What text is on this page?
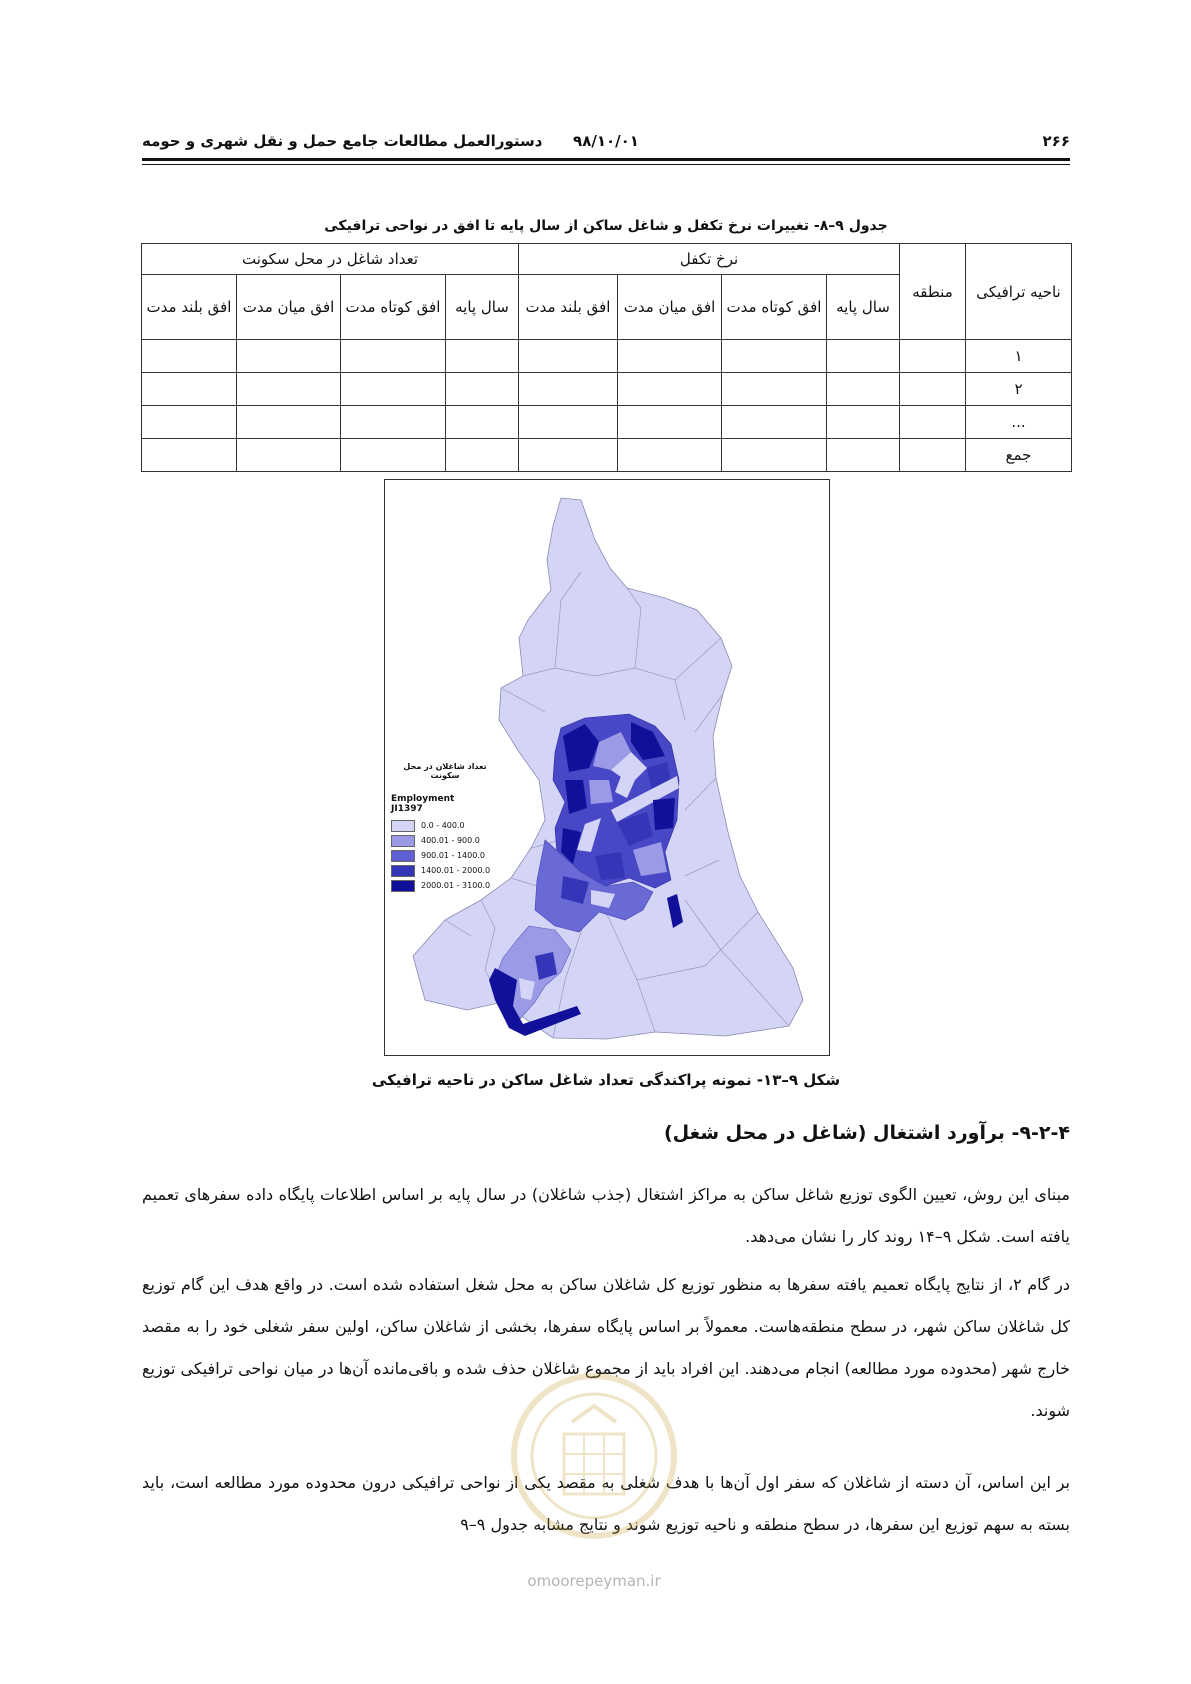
۲۶۶
۹۸/۱۰/۰۱
دستورالعمل مطالعات جامع حمل و نقل شهری و حومه
جدول ۹–۸- تغییرات نرخ تکفل و شاغل ساکن از سال پایه تا افق در نواحی ترافیکی
ناحیه ترافیکی	منطقه	نرخ تکفل				تعداد شاغل در محل سکونت			
		سال پایه	افق کوتاه مدت	افق میان مدت	افق بلند مدت	سال پایه	افق کوتاه مدت	افق میان مدت	افق بلند مدت
۱									
۲									
...									
جمع									
تعداد شاغلان در محل سکونت
Employment
JI1397
0.0 - 400.0
400.01 - 900.0
900.01 - 1400.0
1400.01 - 2000.0
2000.01 - 3100.0
شکل ۹–۱۳- نمونه پراکندگی تعداد شاغل ساکن در ناحیه ترافیکی
۹-۲-۴- برآورد اشتغال (شاغل در محل شغل)
مبنای این روش، تعیین الگوی توزیع شاغل ساکن به مراکز اشتغال (جذب شاغلان) در سال پایه بر اساس اطلاعات پایگاه داده سفرهای تعمیم یافته است. شکل ۹–۱۴ روند کار را نشان می‌دهد.
در گام ۲، از نتایج پایگاه تعمیم یافته سفرها به منظور توزیع کل شاغلان ساکن به محل شغل استفاده شده است. در واقع هدف این گام توزیع کل شاغلان ساکن شهر، در سطح منطقه‌هاست. معمولاً بر اساس پایگاه سفرها، بخشی از شاغلان ساکن، اولین سفر شغلی خود را به مقصد خارج شهر (محدوده مورد مطالعه) انجام می‌دهند. این افراد باید از مجموع شاغلان حذف شده و باقی‌مانده آن‌ها در میان نواحی ترافیکی توزیع شوند.
بر این اساس، آن دسته از شاغلان که سفر اول آن‌ها با هدف شغلی به مقصد یکی از نواحی ترافیکی درون محدوده مورد مطالعه است، باید بسته به سهم توزیع این سفرها، در سطح منطقه و ناحیه توزیع شوند و نتایج مشابه جدول ۹–۹
omoorepeyman.ir
